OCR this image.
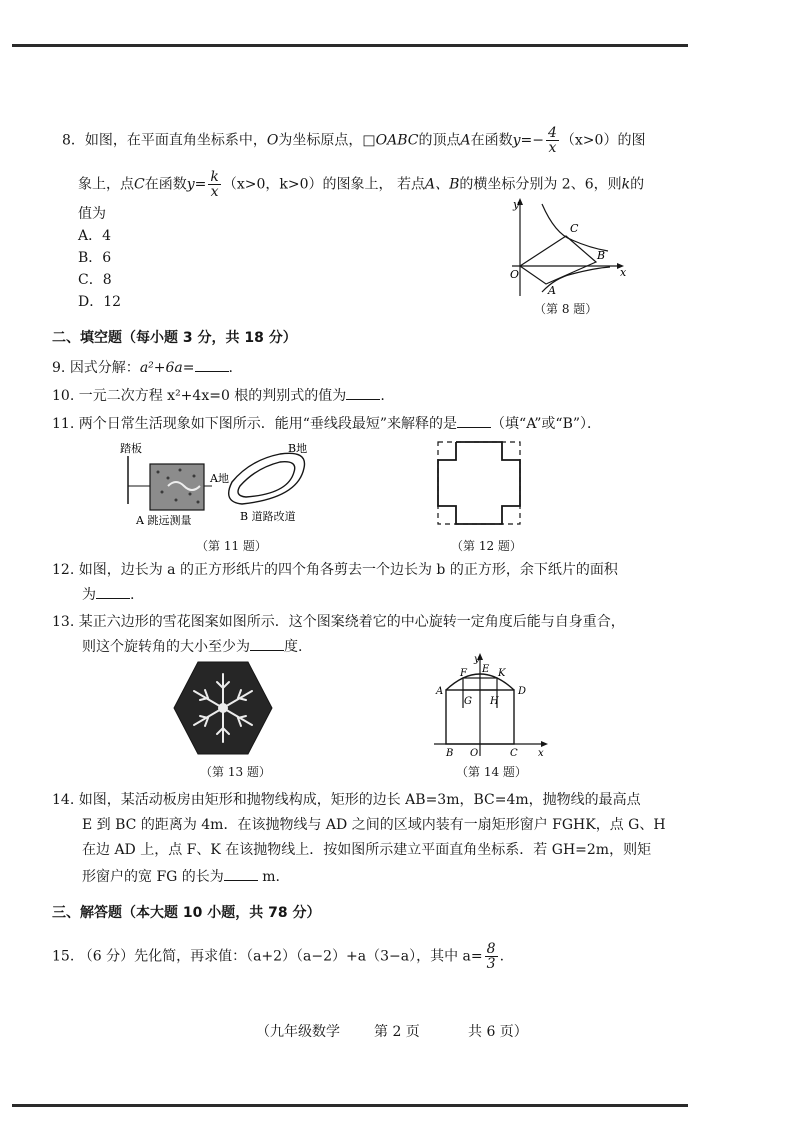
8．如图，在平面直角坐标系中，O为坐标原点，□OABC的顶点A在函数$y=- \frac{4}{x} (x>0)$的图
象上，点C在函数$y= \frac{k}{x} (x>0$，k>0）的图象上， 若点A、B的横坐标分别为 2、6，则k的
值为
A．4
B．6
C．8
D．12
y
x
O
C
B
A
（第 8 题）
二、填空题（每小题 3 分，共 18 分）
9. 因式分解：a²+6a= .
10. 一元二次方程 x²+4x=0 根的判别式的值为 .
11. 两个日常生活现象如下图所示．能用“垂线段最短”来解释的是 （填“A”或“B”）．
踏板
A地
B地
A 跳远测量	B 道路改道
（第 11 题）	（第 12 题）
12. 如图，边长为 a 的正方形纸片的四个角各剪去一个边长为 b 的正方形，余下纸片的面积
为 .
13. 某正六边形的雪花图案如图所示．这个图案绕着它的中心旋转一定角度后能与自身重合，
则这个旋转角的大小至少为 度.
（第 13 题）
y
x
E
F	K
A	D
G H
B O	C
（第 14 题）
14. 如图，某活动板房由矩形和抛物线构成，矩形的边长 AB=3m，BC=4m，抛物线的最高点
E 到 BC 的距离为 4m．在该抛物线与 AD 之间的区域内装有一扇矩形窗户 FGHK，点 G、H
在边 AD 上，点 F、K 在该抛物线上．按如图所示建立平面直角坐标系．若 GH=2m，则矩
形窗户的宽 FG 的长为	m.
三、解答题（本大题 10 小题，共 78 分）
15. （6 分）先化简，再求值：（a+2）（a−2）+a（3−a），其中 $a= \frac{8}{3}$ .
（九年级数学 第 2 页	共 6 页）
